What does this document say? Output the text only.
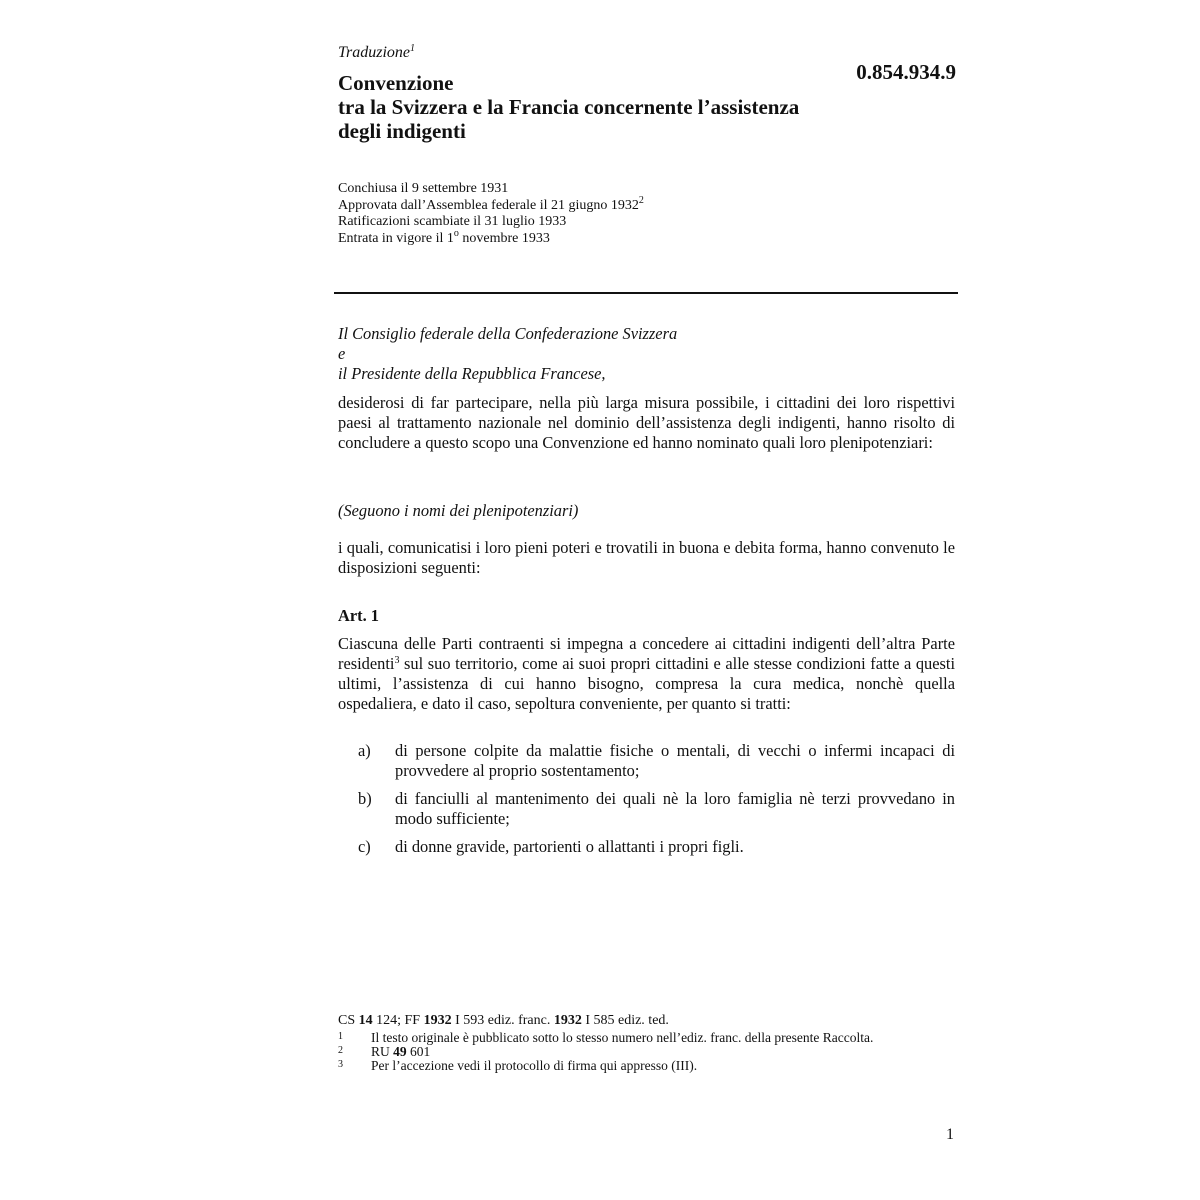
Traduzione$^1$
0.854.934.9
Convenzione
tra la Svizzera e la Francia concernente l’assistenza
degli indigenti
Conchiusa il 9 settembre 1931
Approvata dall’Assemblea federale il 21 giugno 1932$^2$
Ratificazioni scambiate il 31 luglio 1933
Entrata in vigore il 1$^o$ novembre 1933
Il Consiglio federale della Confederazione Svizzera
e
il Presidente della Repubblica Francese,
desiderosi di far partecipare, nella più larga misura possibile, i cittadini dei loro rispettivi paesi al trattamento nazionale nel dominio dell’assistenza degli indigenti, hanno risolto di concludere a questo scopo una Convenzione ed hanno nominato quali loro plenipotenziari:
(Seguono i nomi dei plenipotenziari)
i quali, comunicatisi i loro pieni poteri e trovatili in buona e debita forma, hanno convenuto le disposizioni seguenti:
Art. 1
Ciascuna delle Parti contraenti si impegna a concedere ai cittadini indigenti dell’altra Parte residenti$^3$ sul suo territorio, come ai suoi propri cittadini e alle stesse condizioni fatte a questi ultimi, l’assistenza di cui hanno bisogno, compresa la cura medica, nonchè quella ospedaliera, e dato il caso, sepoltura conveniente, per quanto si tratti:
a)	di persone colpite da malattie fisiche o mentali, di vecchi o infermi incapaci di provvedere al proprio sostentamento;
b)	di fanciulli al mantenimento dei quali nè la loro famiglia nè terzi provvedano in modo sufficiente;
c)	di donne gravide, partorienti o allattanti i propri figli.
CS 14 124; FF 1932 I 593 ediz. franc. 1932 I 585 ediz. ted.
1	Il testo originale è pubblicato sotto lo stesso numero nell’ediz. franc. della presente Raccolta.
2	RU 49 601
3	Per l’accezione vedi il protocollo di firma qui appresso (III).
1
